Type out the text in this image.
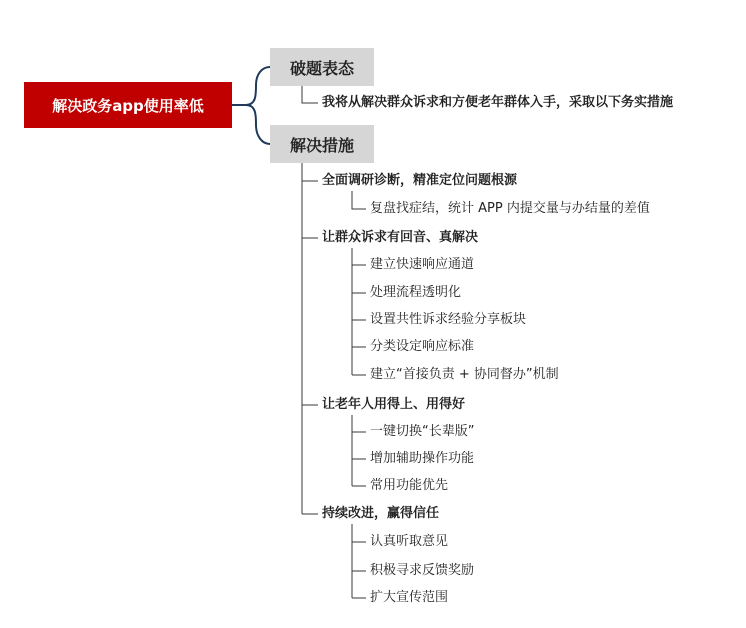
解决政务app使用率低
破题表态
解决措施
我将从解决群众诉求和方便老年群体入手，采取以下务实措施
全面调研诊断，精准定位问题根源
复盘找症结，统计 APP 内提交量与办结量的差值
让群众诉求有回音、真解决
建立快速响应通道
处理流程透明化
设置共性诉求经验分享板块
分类设定响应标准
建立“首接负责 + 协同督办”机制
让老年人用得上、用得好
一键切换“长辈版”
增加辅助操作功能
常用功能优先
持续改进，赢得信任
认真听取意见
积极寻求反馈奖励
扩大宣传范围
